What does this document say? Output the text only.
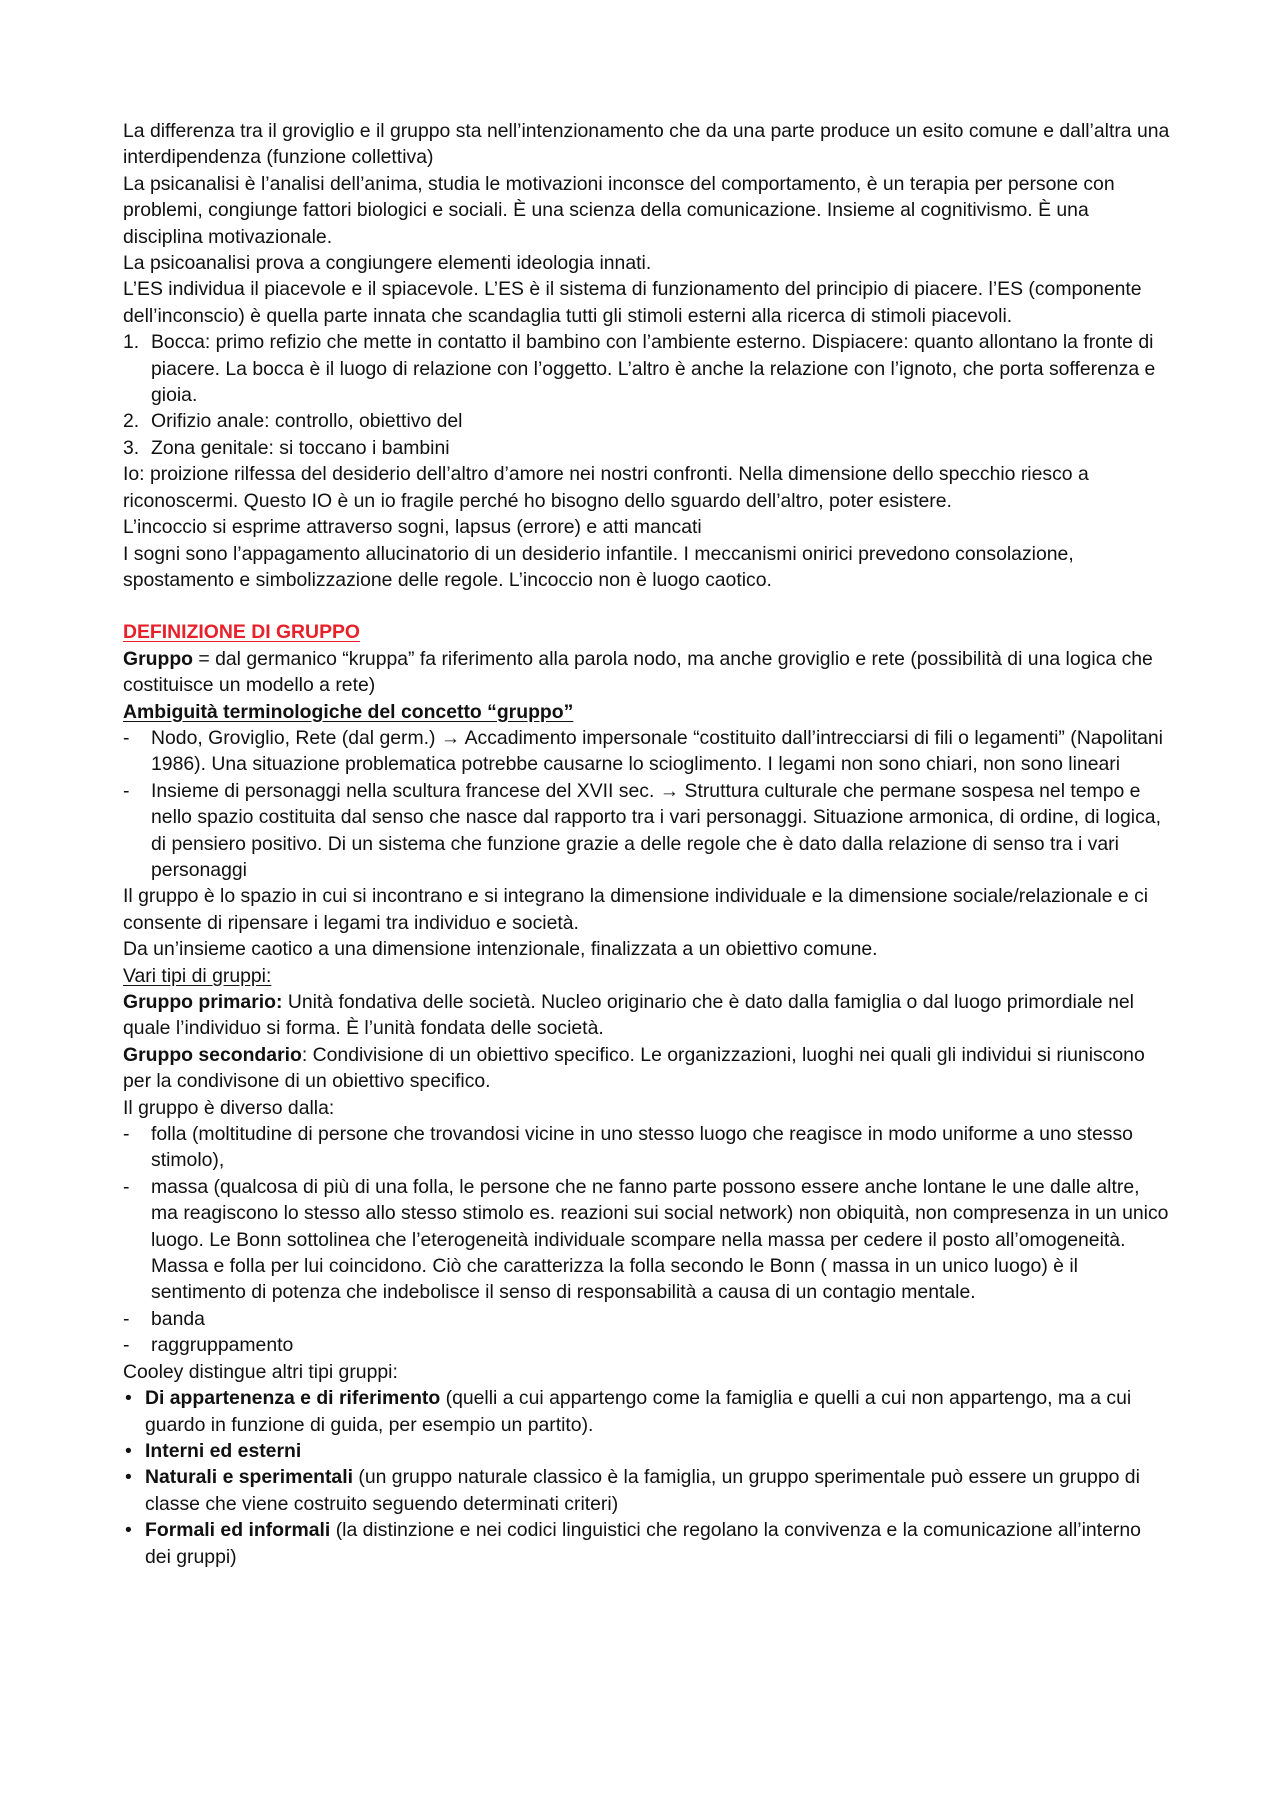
La differenza tra il groviglio e il gruppo sta nell’intenzionamento che da una parte produce un esito comune e dall’altra una interdipendenza (funzione collettiva)

La psicanalisi è l’analisi dell’anima, studia le motivazioni inconsce del comportamento, è un terapia per persone con problemi, congiunge fattori biologici e sociali. È una scienza della comunicazione. Insieme al cognitivismo. È una disciplina motivazionale.

La psicoanalisi prova a congiungere elementi ideologia innati.

L’ES individua il piacevole e il spiacevole. L’ES è il sistema di funzionamento del principio di piacere. l’ES (componente dell’inconscio) è quella parte innata che scandaglia tutti gli stimoli esterni alla ricerca di stimoli piacevoli.

1. Bocca: primo refizio che mette in contatto il bambino con l’ambiente esterno. Dispiacere: quanto allontano la fronte di piacere. La bocca è il luogo di relazione con l’oggetto. L’altro è anche la relazione con l’ignoto, che porta sofferenza e gioia.
2. Orifizio anale: controllo, obiettivo del
3. Zona genitale: si toccano i bambini

Io: proizione rilfessa del desiderio dell’altro d’amore nei nostri confronti. Nella dimensione dello specchio riesco a riconoscermi. Questo IO è un io fragile perché ho bisogno dello sguardo dell’altro, poter esistere.

L’incoccio si esprime attraverso sogni, lapsus (errore) e atti mancati

I sogni sono l’appagamento allucinatorio di un desiderio infantile. I meccanismi onirici prevedono consolazione, spostamento e simbolizzazione delle regole. L’incoccio non è luogo caotico.

DEFINIZIONE DI GRUPPO

Gruppo = dal germanico “kruppa” fa riferimento alla parola nodo, ma anche groviglio e rete (possibilità di una logica che costituisce un modello a rete)

Ambiguità terminologiche del concetto “gruppo”

- Nodo, Groviglio, Rete (dal germ.) → Accadimento impersonale “costituito dall’intrecciarsi di fili o legamenti” (Napolitani 1986). Una situazione problematica potrebbe causarne lo scioglimento. I legami non sono chiari, non sono lineari
- Insieme di personaggi nella scultura francese del XVII sec. → Struttura culturale che permane sospesa nel tempo e nello spazio costituita dal senso che nasce dal rapporto tra i vari personaggi. Situazione armonica, di ordine, di logica, di pensiero positivo. Di un sistema che funzione grazie a delle regole che è dato dalla relazione di senso tra i vari personaggi

Il gruppo è lo spazio in cui si incontrano e si integrano la dimensione individuale e la dimensione sociale/relazionale e ci consente di ripensare i legami tra individuo e società.

Da un’insieme caotico a una dimensione intenzionale, finalizzata a un obiettivo comune.

Vari tipi di gruppi:

Gruppo primario: Unità fondativa delle società. Nucleo originario che è dato dalla famiglia o dal luogo primordiale nel quale l’individuo si forma. È l’unità fondata delle società.

Gruppo secondario: Condivisione di un obiettivo specifico. Le organizzazioni, luoghi nei quali gli individui si riuniscono per la condivisone di un obiettivo specifico.

Il gruppo è diverso dalla:

- folla (moltitudine di persone che trovandosi vicine in uno stesso luogo che reagisce in modo uniforme a uno stesso stimolo),
- massa (qualcosa di più di una folla, le persone che ne fanno parte possono essere anche lontane le une dalle altre, ma reagiscono lo stesso allo stesso stimolo es. reazioni sui social network) non obiquità, non compresenza in un unico luogo. Le Bonn sottolinea che l’eterogeneità individuale scompare nella massa per cedere il posto all’omogeneità. Massa e folla per lui coincidono. Ciò che caratterizza la folla secondo le Bonn ( massa in un unico luogo) è il sentimento di potenza che indebolisce il senso di responsabilità a causa di un contagio mentale.
- banda
- raggruppamento

Cooley distingue altri tipi gruppi:

• Di appartenenza e di riferimento (quelli a cui appartengo come la famiglia e quelli a cui non appartengo, ma a cui guardo in funzione di guida, per esempio un partito).
• Interni ed esterni
• Naturali e sperimentali (un gruppo naturale classico è la famiglia, un gruppo sperimentale può essere un gruppo di classe che viene costruito seguendo determinati criteri)
• Formali ed informali (la distinzione e nei codici linguistici che regolano la convivenza e la comunicazione all’interno dei gruppi)
